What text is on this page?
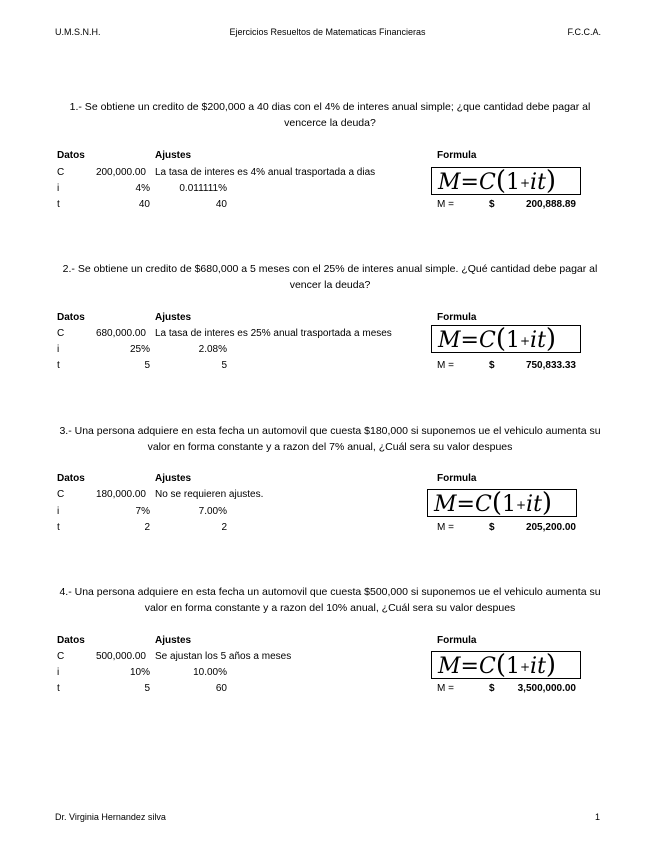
U.M.S.N.H.	Ejercicios Resueltos de Matematicas Financieras	F.C.C.A.
1.- Se obtiene un credito de $200,000 a 40 dias con el 4% de interes anual simple; ¿que cantidad debe pagar al vencerce la deuda?
Datos	Ajustes	Formula
C	200,000.00 La tasa de interes es 4% anual trasportada a dias
i	4%	0.011111%
t	40	40
M=C(1+it)
M =	$	200,888.89
2.- Se obtiene un credito de $680,000 a 5 meses con el 25% de interes anual simple. ¿Qué cantidad debe pagar al vencer la deuda?
Datos	Ajustes	Formula
C	680,000.00 La tasa de interes es 25% anual trasportada a meses
i	25%	2.08%
t	5	5
M=C(1+it)
M =	$	750,833.33
3.- Una persona adquiere en esta fecha un automovil que cuesta $180,000 si suponemos ue el vehiculo aumenta su valor en forma constante y a razon del 7% anual, ¿Cuál sera su valor despues
Datos	Ajustes	Formula
C	180,000.00 No se requieren ajustes.
i	7%	7.00%
t	2	2
M=C(1+it)
M =	$	205,200.00
4.- Una persona adquiere en esta fecha un automovil que cuesta $500,000 si suponemos ue el vehiculo aumenta su valor en forma constante y a razon del 10% anual, ¿Cuál sera su valor despues
Datos	Ajustes	Formula
C	500,000.00 Se ajustan los 5 años a meses
i	10%	10.00%
t	5	60
M=C(1+it)
M =	$	3,500,000.00
Dr. Virginia Hernandez silva	1
